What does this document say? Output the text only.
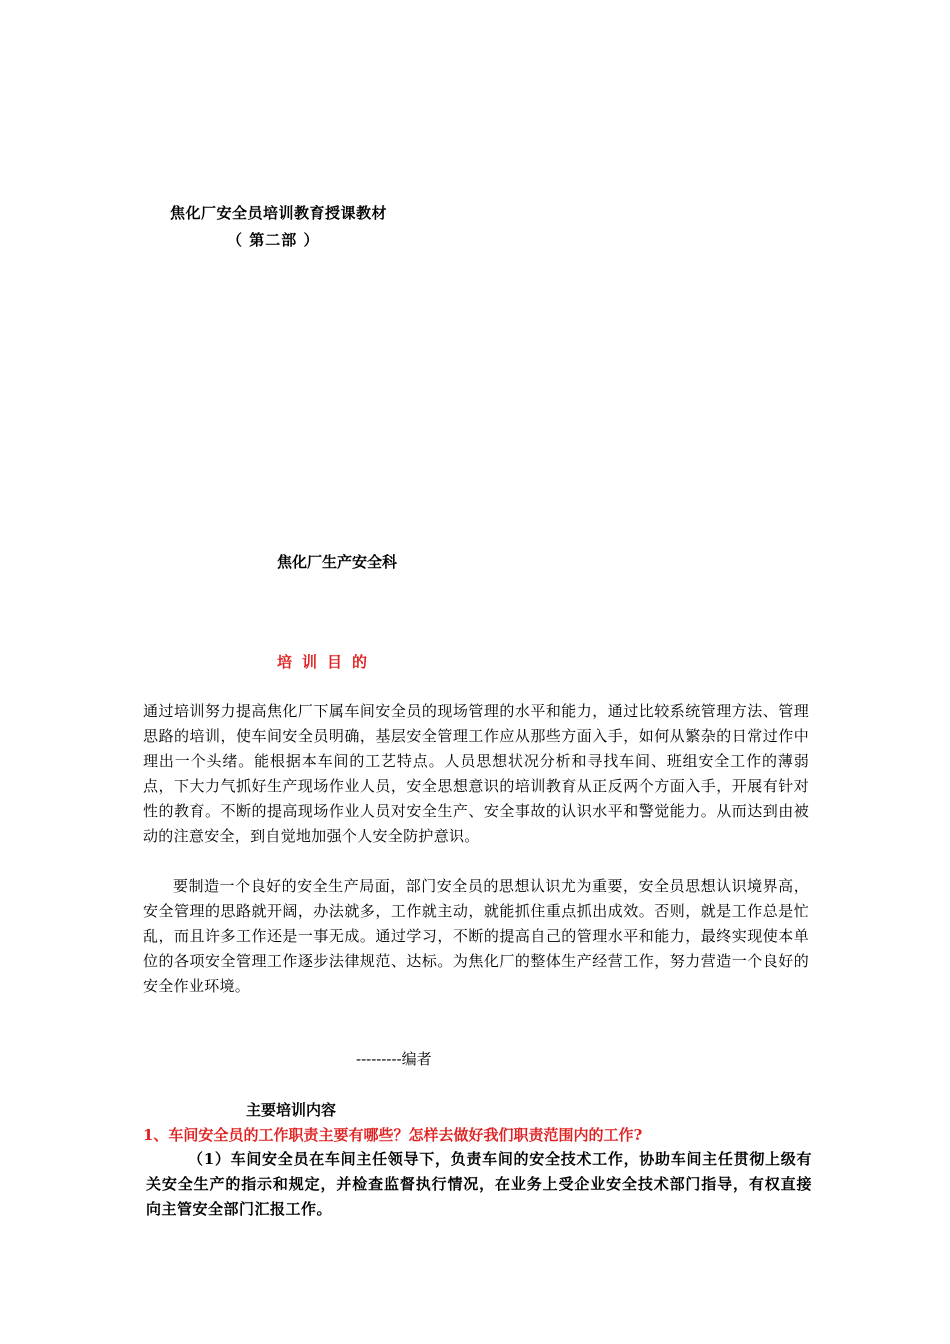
焦化厂安全员培训教育授课教材
（ 第二部 ）
焦化厂生产安全科
培训目的

通过培训努力提高焦化厂下属车间安全员的现场管理的水平和能力，通过比较系统管理方法、管理思路的培训，使车间安全员明确，基层安全管理工作应从那些方面入手，如何从繁杂的日常过作中理出一个头绪。能根据本车间的工艺特点。人员思想状况分析和寻找车间、班组安全工作的薄弱点，下大力气抓好生产现场作业人员，安全思想意识的培训教育从正反两个方面入手，开展有针对性的教育。不断的提高现场作业人员对安全生产、安全事故的认识水平和警觉能力。从而达到由被动的注意安全，到自觉地加强个人安全防护意识。

要制造一个良好的安全生产局面，部门安全员的思想认识尤为重要，安全员思想认识境界高，安全管理的思路就开阔，办法就多，工作就主动，就能抓住重点抓出成效。否则，就是工作总是忙乱，而且许多工作还是一事无成。通过学习，不断的提高自己的管理水平和能力，最终实现使本单位的各项安全管理工作逐步法律规范、达标。为焦化厂的整体生产经营工作，努力营造一个良好的安全作业环境。

---------编者
主要培训内容
1、车间安全员的工作职责主要有哪些？怎样去做好我们职责范围内的工作?

（1）车间安全员在车间主任领导下，负责车间的安全技术工作，协助车间主任贯彻上级有关安全生产的指示和规定，并检查监督执行情况，在业务上受企业安全技术部门指导，有权直接向主管安全部门汇报工作。
